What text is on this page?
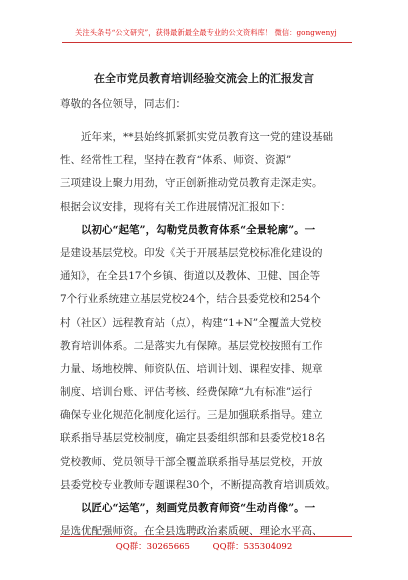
关注头条号“公文研究”，获得最新最全最专业的公文资料库！ 微信：gongwenyj
在全市党员教育培训经验交流会上的汇报发言
尊敬的各位领导，同志们：
　　近年来，**县始终抓紧抓实党员教育这一党的建设基础
性、经常性工程，坚持在教育“体系、师资、资源”
三项建设上聚力用劲，守正创新推动党员教育走深走实。
根据会议安排，现将有关工作进展情况汇报如下：
　　以初心“起笔”，勾勒党员教育体系“全景轮廓”。一
是建设基层党校。印发《关于开展基层党校标准化建设的
通知》，在全县17个乡镇、街道以及教体、卫健、国企等
7个行业系统建立基层党校24个，结合县委党校和254个
村（社区）远程教育站（点），构建“1+N”全覆盖大党校
教育培训体系。二是落实九有保障。基层党校按照有工作
力量、场地校牌、师资队伍、培训计划、课程安排、规章
制度、培训台账、评估考核、经费保障“九有标准”运行
确保专业化规范化制度化运行。三是加强联系指导。建立
联系指导基层党校制度，确定县委组织部和县委党校18名
党校教师、党员领导干部全覆盖联系指导基层党校，开放
县委党校专业教师专题课程30个，不断提高教育培训质效。
　　以匠心“运笔”，刻画党员教育师资“生动肖像”。一
是选优配强师资。在全县选聘政治素质硬、理论水平高、
QQ群：30265665	QQ群：535304092
